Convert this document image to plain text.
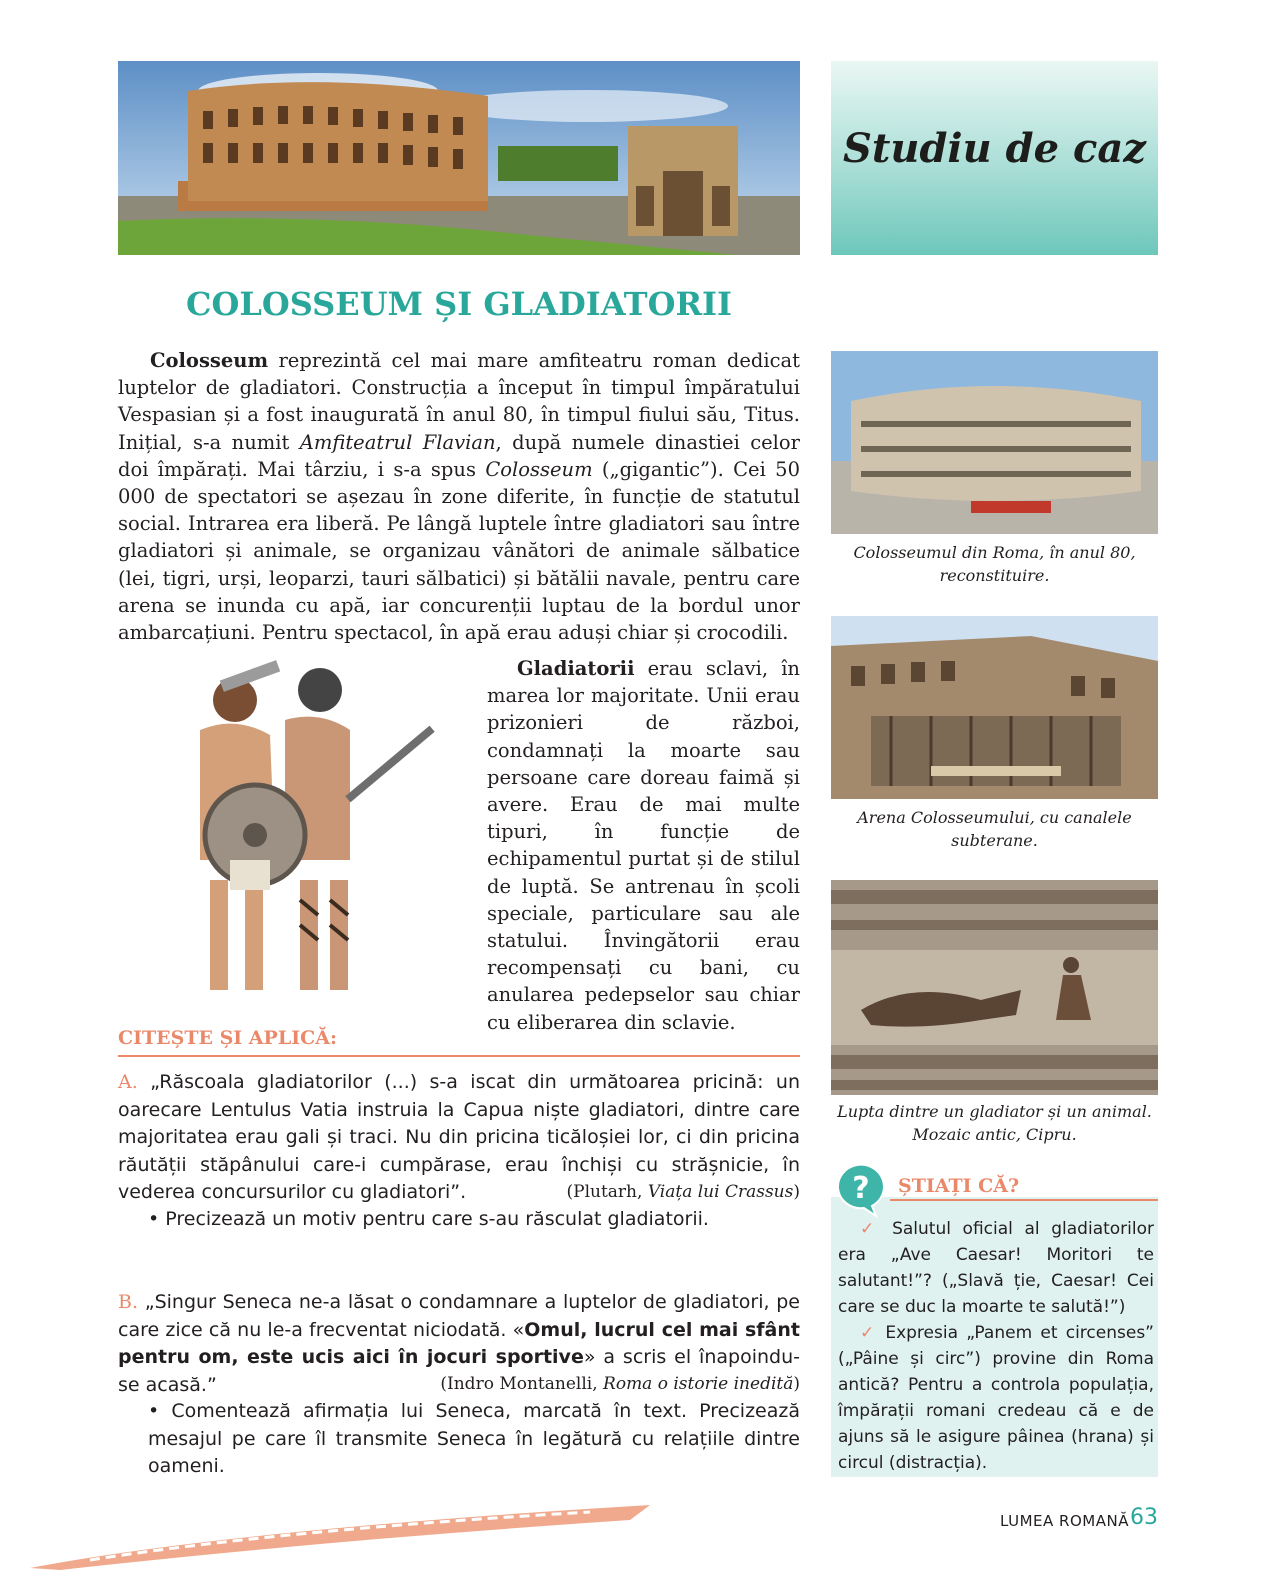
Studiu de caz
COLOSSEUM ȘI GLADIATORII

Colosseum reprezintă cel mai mare amfiteatru roman dedicat luptelor de gladiatori. Construcția a început în timpul împăratului Vespasian și a fost inaugurată în anul 80, în timpul fiului său, Titus. Inițial, s-a numit Amfiteatrul Flavian, după numele dinastiei celor doi împărați. Mai târziu, i s-a spus Colosseum („gigantic”). Cei 50 000 de spectatori se așezau în zone diferite, în funcție de statutul social. Intrarea era liberă. Pe lângă luptele între gladiatori sau între gladiatori și animale, se organizau vânători de animale sălbatice (lei, tigri, urși, leoparzi, tauri sălbatici) și bătălii navale, pentru care arena se inunda cu apă, iar concurenții luptau de la bordul unor ambarcațiuni. Pentru spectacol, în apă erau aduși chiar și crocodili.

Gladiatorii erau sclavi, în marea lor majoritate. Unii erau prizonieri de război, condamnați la moarte sau persoane care doreau faimă și avere. Erau de mai multe tipuri, în funcție de echipamentul purtat și de stilul de luptă. Se antrenau în școli speciale, particulare sau ale statului. Învingătorii erau recompensați cu bani, cu anularea pedepselor sau chiar cu eliberarea din sclavie.

CITEȘTE ȘI APLICĂ:

A. „Răscoala gladiatorilor (...) s-a iscat din următoarea pricină: un oarecare Lentulus Vatia instruia la Capua niște gladiatori, dintre care majoritatea erau gali și traci. Nu din pricina ticăloșiei lor, ci din pricina răutății stăpânului care-i cumpărase, erau închiși cu strășnicie, în vederea concursurilor cu gladiatori”.	(Plutarh, Viața lui Crassus)

• Precizează un motiv pentru care s-au răsculat gladiatorii.

B. „Singur Seneca ne-a lăsat o condamnare a luptelor de gladiatori, pe care zice că nu le-a frecventat niciodată. «Omul, lucrul cel mai sfânt pentru om, este ucis aici în jocuri sportive» a scris el înapoindu-se acasă.”	(Indro Montanelli, Roma o istorie inedită)

• Comentează afirmația lui Seneca, marcată în text. Precizează mesajul pe care îl transmite Seneca în legătură cu relațiile dintre oameni.

Colosseumul din Roma, în anul 80, reconstituire.

Arena Colosseumului, cu canalele subterane.

Lupta dintre un gladiator și un animal. Mozaic antic, Cipru.

? ȘTIAȚI CĂ?

✓ Salutul oficial al gladiatorilor era „Ave Caesar! Moritori te salutant!”? („Slavă ție, Caesar! Cei care se duc la moarte te salută!”)
✓ Expresia „Panem et circenses” („Pâine și circ”) provine din Roma antică? Pentru a controla populația, împărații romani credeau că e de ajuns să le asigure pâinea (hrana) și circul (distracția).

LUMEA ROMANĂ 63
